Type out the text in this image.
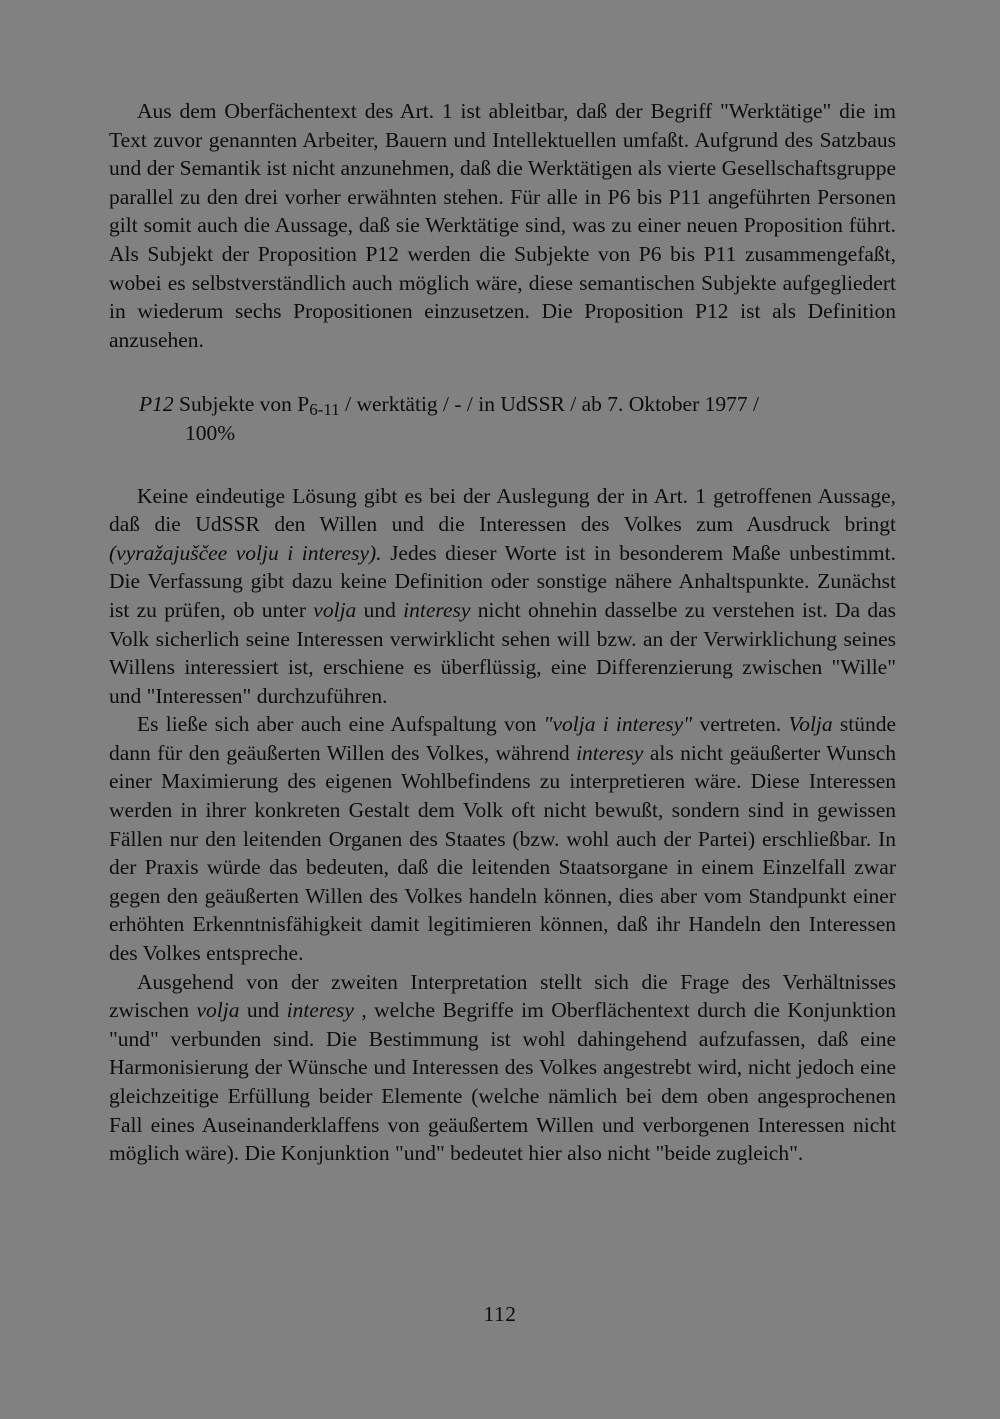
Aus dem Oberfächentext des Art. 1 ist ableitbar, daß der Begriff "Werktätige" die im Text zuvor genannten Arbeiter, Bauern und Intellektuellen umfaßt. Aufgrund des Satzbaus und der Semantik ist nicht anzunehmen, daß die Werktätigen als vierte Gesellschaftsgruppe parallel zu den drei vorher erwähnten stehen. Für alle in P6 bis P11 angeführten Personen gilt somit auch die Aussage, daß sie Werktätige sind, was zu einer neuen Proposition führt. Als Subjekt der Proposition P12 werden die Subjekte von P6 bis P11 zusammengefaßt, wobei es selbstverständlich auch möglich wäre, diese semantischen Subjekte aufgegliedert in wiederum sechs Propositionen einzusetzen. Die Proposition P12 ist als Definition anzusehen.

P12 Subjekte von $P_{6-11}$ / werktätig / - / in UdSSR / ab 7. Oktober 1977 /
100%

Keine eindeutige Lösung gibt es bei der Auslegung der in Art. 1 getroffenen Aussage, daß die UdSSR den Willen und die Interessen des Volkes zum Ausdruck bringt (vyražajuščee volju i interesy). Jedes dieser Worte ist in besonderem Maße unbestimmt. Die Verfassung gibt dazu keine Definition oder sonstige nähere Anhaltspunkte. Zunächst ist zu prüfen, ob unter volja und interesy nicht ohnehin dasselbe zu verstehen ist. Da das Volk sicherlich seine Interessen verwirklicht sehen will bzw. an der Verwirklichung seines Willens interessiert ist, erschiene es überflüssig, eine Differenzierung zwischen "Wille" und "Interessen" durchzuführen.

Es ließe sich aber auch eine Aufspaltung von "volja i interesy" vertreten. Volja stünde dann für den geäußerten Willen des Volkes, während interesy als nicht geäußerter Wunsch einer Maximierung des eigenen Wohlbefindens zu interpretieren wäre. Diese Interessen werden in ihrer konkreten Gestalt dem Volk oft nicht bewußt, sondern sind in gewissen Fällen nur den leitenden Organen des Staates (bzw. wohl auch der Partei) erschließbar. In der Praxis würde das bedeuten, daß die leitenden Staatsorgane in einem Einzelfall zwar gegen den geäußerten Willen des Volkes handeln können, dies aber vom Standpunkt einer erhöhten Erkenntnisfähigkeit damit legitimieren können, daß ihr Handeln den Interessen des Volkes entspreche.

Ausgehend von der zweiten Interpretation stellt sich die Frage des Verhältnisses zwischen volja und interesy , welche Begriffe im Oberflächentext durch die Konjunktion "und" verbunden sind. Die Bestimmung ist wohl dahingehend aufzufassen, daß eine Harmonisierung der Wünsche und Interessen des Volkes angestrebt wird, nicht jedoch eine gleichzeitige Erfüllung beider Elemente (welche nämlich bei dem oben angesprochenen Fall eines Auseinanderklaffens von geäußertem Willen und verborgenen Interessen nicht möglich wäre). Die Konjunktion "und" bedeutet hier also nicht "beide zugleich".

112
